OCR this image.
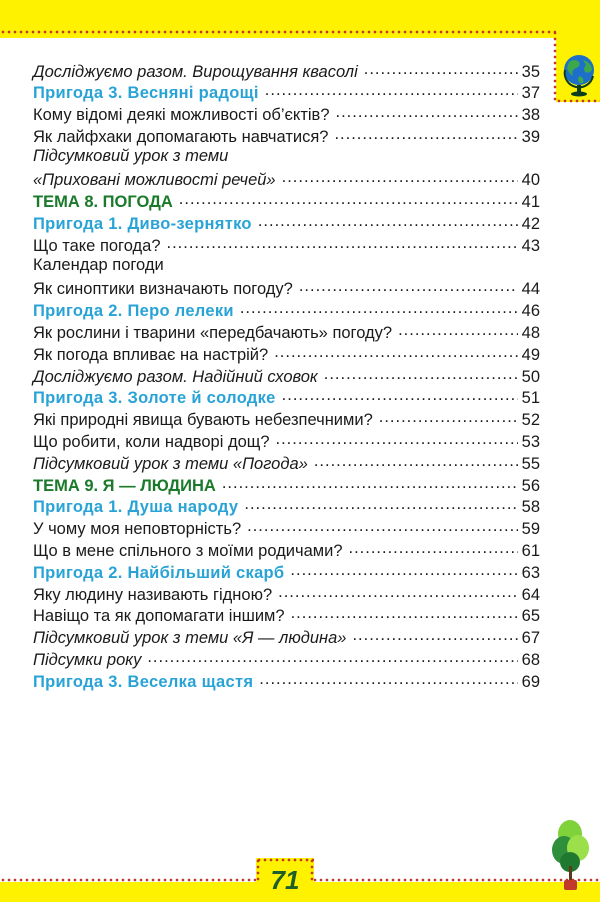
Досліджуємо разом. Вирощування квасолі .....	35
Пригода 3. Весняні радощі .....	37
Кому відомі деякі можливості об’єктів? .....	38
Як лайфхаки допомагають навчатися? .....	39
Підсумковий урок з теми
«Приховані можливості речей» .....	40
ТЕМА 8. ПОГОДА .....	41
Пригода 1. Диво-зернятко .....	42
Що таке погода? .....	43
Календар погоди
Як синоптики визначають погоду? .....	44
Пригода 2. Перо лелеки .....	46
Як рослини і тварини «передбачають» погоду? .....	48
Як погода впливає на настрій? .....	49
Досліджуємо разом. Надійний сховок .....	50
Пригода 3. Золоте й солодке .....	51
Які природні явища бувають небезпечними? .....	52
Що робити, коли надворі дощ? .....	53
Підсумковий урок з теми «Погода» .....	55
ТЕМА 9. Я — ЛЮДИНА .....	56
Пригода 1. Душа народу .....	58
У чому моя неповторність? .....	59
Що в мене спільного з моїми родичами? .....	61
Пригода 2. Найбільший скарб .....	63
Яку людину називають гідною? .....	64
Навіщо та як допомагати іншим? .....	65
Підсумковий урок з теми «Я — людина» .....	67
Підсумки року .....	68
Пригода 3. Веселка щастя .....	69
71
